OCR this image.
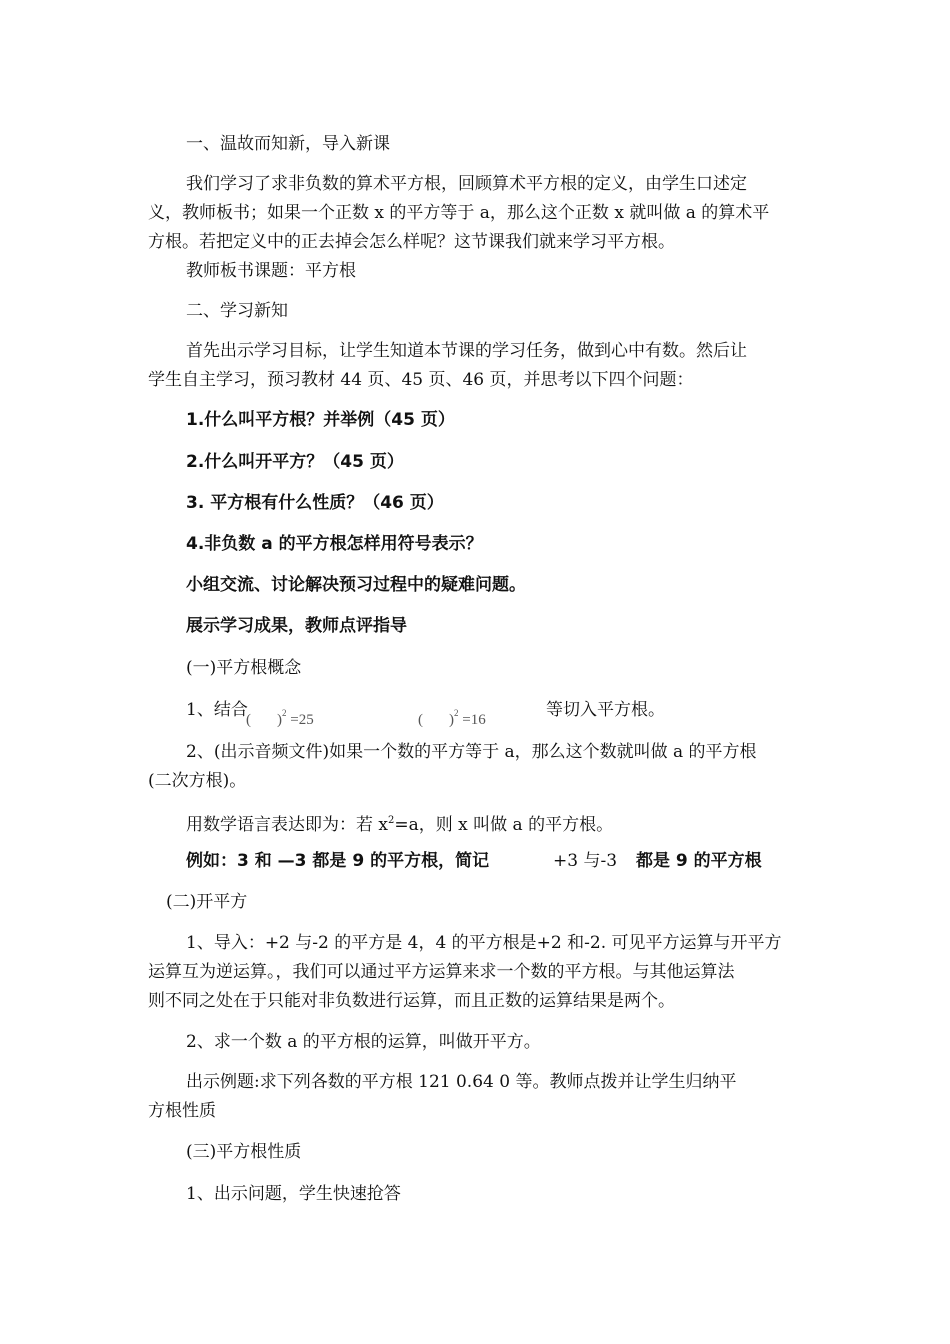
一、温故而知新，导入新课
我们学习了求非负数的算术平方根，回顾算术平方根的定义，由学生口述定
义，教师板书；如果一个正数 x 的平方等于 a，那么这个正数 x 就叫做 a 的算术平
方根。若把定义中的正去掉会怎么样呢？这节课我们就来学习平方根。
教师板书课题：平方根
二、学习新知
首先出示学习目标，让学生知道本节课的学习任务，做到心中有数。然后让
学生自主学习，预习教材 44 页、45 页、46 页，并思考以下四个问题：
1.什么叫平方根？并举例（45 页）
2.什么叫开平方？（45 页）
3. 平方根有什么性质？（46 页）
4.非负数 a 的平方根怎样用符号表示？
小组交流、讨论解决预习过程中的疑难问题。
展示学习成果，教师点评指导
(一)平方根概念
1、结合
( )$^2$ =25	( )$^2$ =16	等切入平方根。
2、(出示音频文件)如果一个数的平方等于 a，那么这个数就叫做 a 的平方根
(二次方根)。
用数学语言表达即为：若 $x^2=a$，则 x 叫做 a 的平方根。
例如：3 和 —3 都是 9 的平方根，简记	+3 与-3 都是 9 的平方根
(二)开平方
1、导入：+2 与-2 的平方是 4，4 的平方根是+2 和-2. 可见平方运算与开平方
运算互为逆运算。，我们可以通过平方运算来求一个数的平方根。与其他运算法
则不同之处在于只能对非负数进行运算，而且正数的运算结果是两个。
2、求一个数 a 的平方根的运算，叫做开平方。
出示例题:求下列各数的平方根 121 0.64 0 等。教师点拨并让学生归纳平
方根性质
(三)平方根性质
1、出示问题，学生快速抢答
